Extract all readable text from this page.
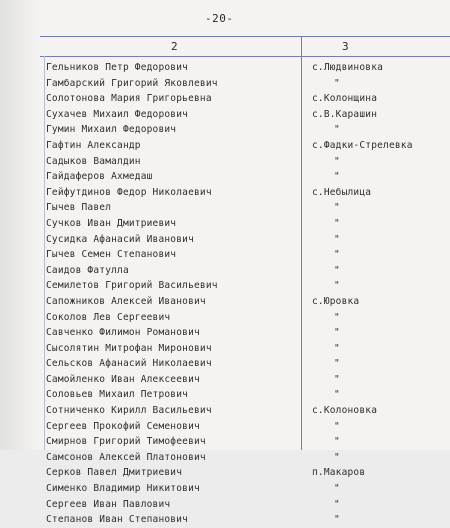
-20-
2	3
Гельников Петр Федорович	с.Людвиновка
Гамбарский Григорий Яковлевич	"
Солотонова Мария Григорьевна	с.Колонщина
Сухачев Михаил Федорович	с.В.Карашин
Гумин Михаил Федорович	"
Гафтин Александр	с.Фадки-Стрелевка
Садыков Вамалдин	"
Гайдаферов Ахмедаш	"
Гейфутдинов Федор Николаевич	с.Небылица
Гычев Павел	"
Сучков Иван Дмитриевич	"
Сусидка Афанасий Иванович	"
Гычев Семен Степанович	"
Саидов Фатулла	"
Семилетов Григорий Васильевич	"
Сапожников Алексей Иванович	с.Юровка
Соколов Лев Сергеевич	"
Савченко Филимон Романович	"
Сысолятин Митрофан Миронович	"
Сельсков Афанасий Николаевич	"
Самойленко Иван Алексеевич	"
Соловьев Михаил Петрович	"
Сотниченко Кирилл Васильевич	с.Колоновка
Сергеев Прокофий Семенович	"
Смирнов Григорий Тимофеевич	"
Самсонов Алексей Платонович	"
Серков Павел Дмитриевич	п.Макаров
Сименко Владимир Никитович	"
Сергеев Иван Павлович	"
Степанов Иван Степанович	"
